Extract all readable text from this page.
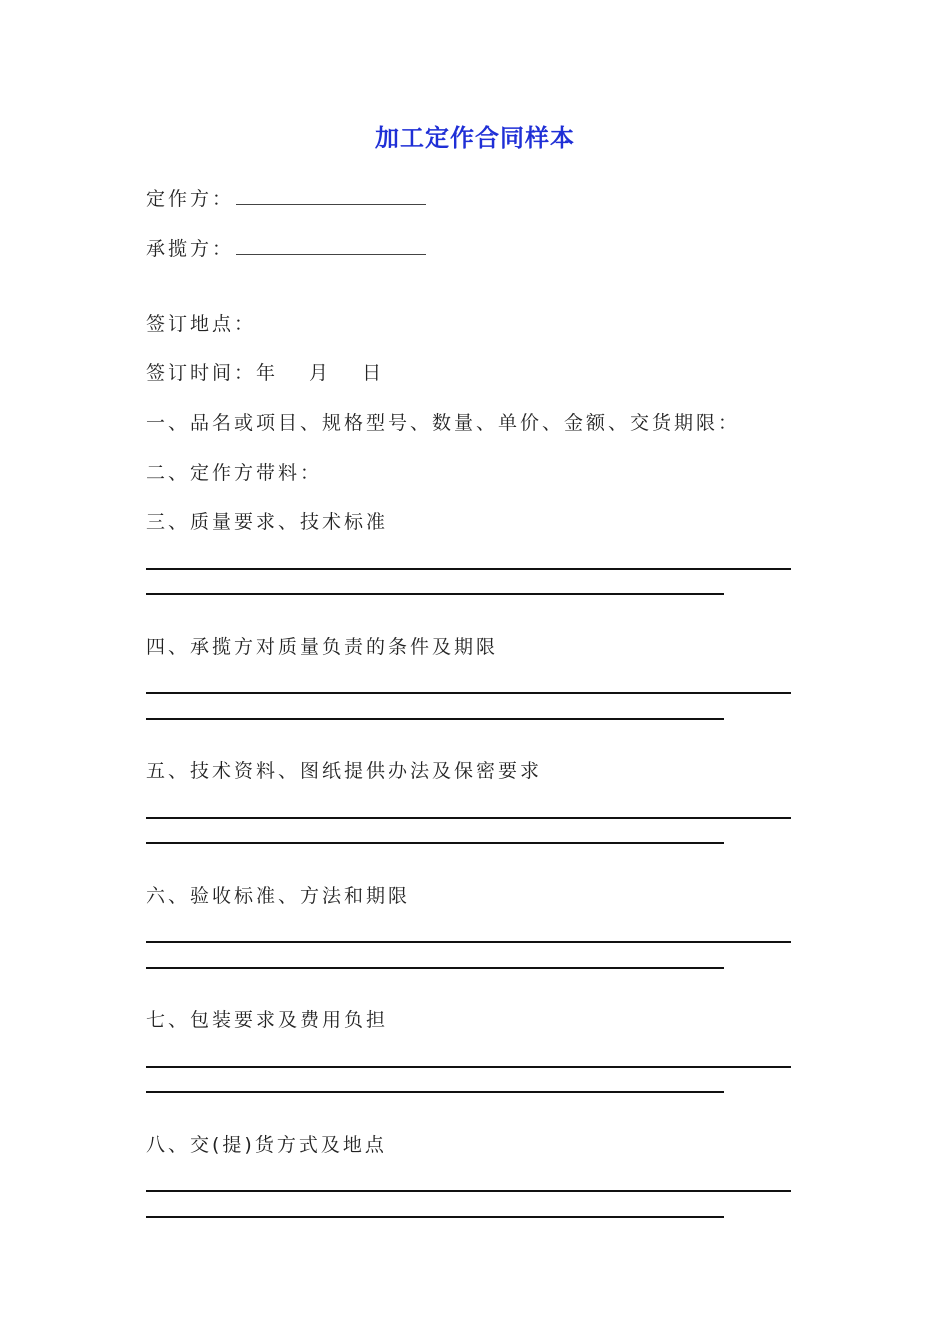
加工定作合同样本
定作方：
承揽方：
签订地点：
签订时间：年　 月　 日
一、品名或项目、规格型号、数量、单价、金额、交货期限：
二、定作方带料：
三、质量要求、技术标准
四、承揽方对质量负责的条件及期限
五、技术资料、图纸提供办法及保密要求
六、验收标准、方法和期限
七、包装要求及费用负担
八、交(提)货方式及地点
